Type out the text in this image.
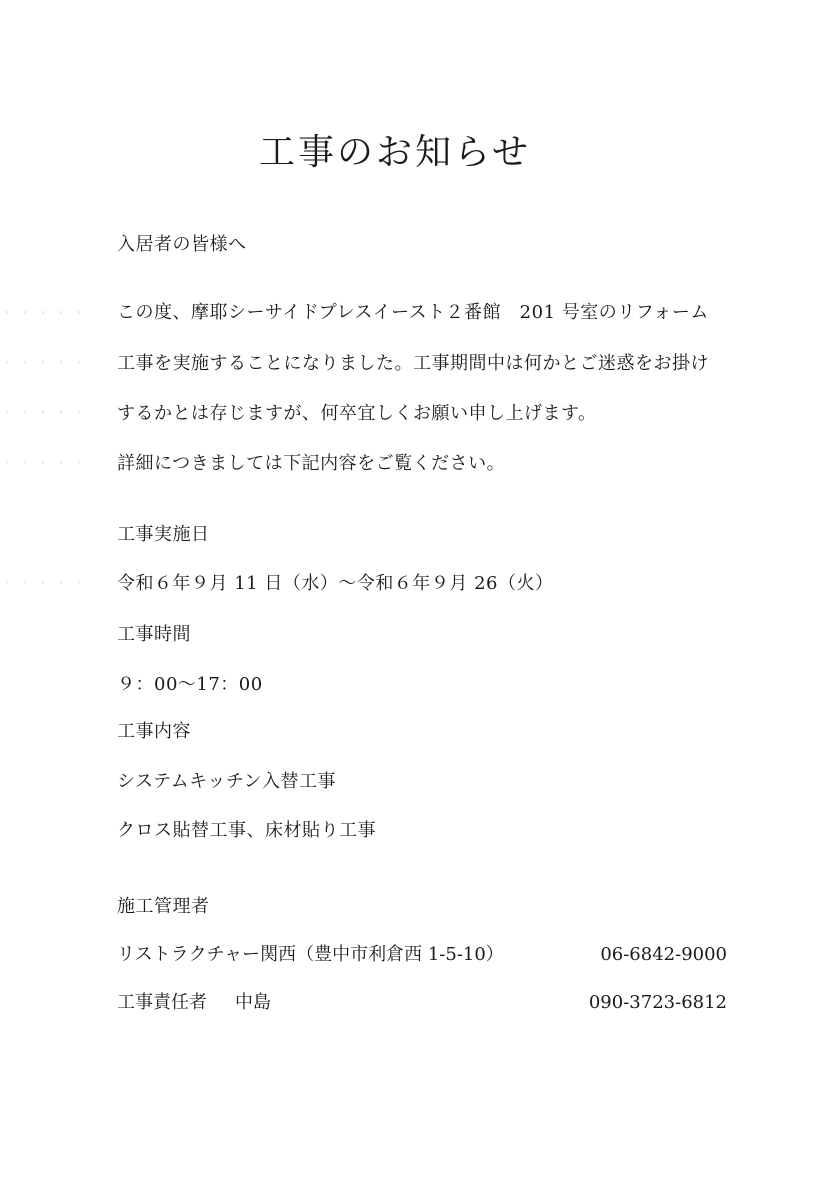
・・・・・
・・・・・
・・・・・
・・・・・
・・・・・
工事のお知らせ
入居者の皆様へ
この度、摩耶シーサイドプレスイースト２番館　201 号室のリフォーム
工事を実施することになりました。工事期間中は何かとご迷惑をお掛け
するかとは存じますが、何卒宜しくお願い申し上げます。
詳細につきましては下記内容をご覧ください。
工事実施日
令和６年９月 11 日（水）～令和６年９月 26（火）
工事時間
９：00～17：00
工事内容
システムキッチン入替工事
クロス貼替工事、床材貼り工事
施工管理者
リストラクチャー関西（豊中市利倉西 1-5-10）	06-6842-9000
工事責任者 中島	090-3723-6812
